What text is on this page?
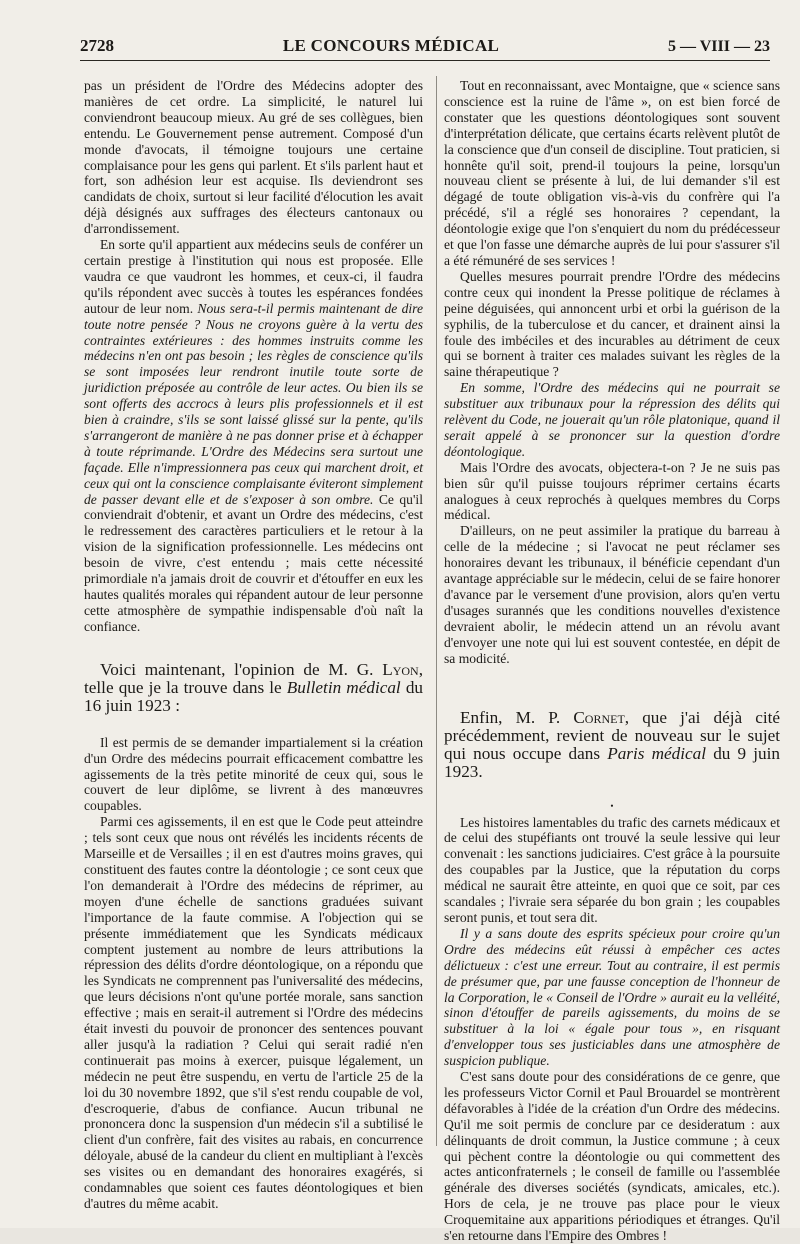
2728	LE CONCOURS MÉDICAL	5 — VIII — 23

pas un président de l'Ordre des Médecins adopter des manières de cet ordre. La simplicité, le naturel lui conviendront beaucoup mieux. Au gré de ses collègues, bien entendu. Le Gouvernement pense autrement. Composé d'un monde d'avocats, il témoigne toujours une certaine complaisance pour les gens qui parlent. Et s'ils parlent haut et fort, son adhésion leur est acquise. Ils deviendront ses candidats de choix, surtout si leur facilité d'élocution les avait déjà désignés aux suffrages des électeurs cantonaux ou d'arrondissement.

En sorte qu'il appartient aux médecins seuls de conférer un certain prestige à l'institution qui nous est proposée. Elle vaudra ce que vaudront les hommes, et ceux-ci, il faudra qu'ils répondent avec succès à toutes les espérances fondées autour de leur nom. Nous sera-t-il permis maintenant de dire toute notre pensée ? Nous ne croyons guère à la vertu des contraintes extérieures : des hommes instruits comme les médecins n'en ont pas besoin ; les règles de conscience qu'ils se sont imposées leur rendront inutile toute sorte de juridiction préposée au contrôle de leur actes. Ou bien ils se sont offerts des accrocs à leurs plis professionnels et il est bien à craindre, s'ils se sont laissé glissé sur la pente, qu'ils s'arrangeront de manière à ne pas donner prise et à échapper à toute réprimande. L'Ordre des Médecins sera surtout une façade. Elle n'impressionnera pas ceux qui marchent droit, et ceux qui ont la conscience complaisante éviteront simplement de passer devant elle et de s'exposer à son ombre. Ce qu'il conviendrait d'obtenir, et avant un Ordre des médecins, c'est le redressement des caractères particuliers et le retour à la vision de la signification professionnelle. Les médecins ont besoin de vivre, c'est entendu ; mais cette nécessité primordiale n'a jamais droit de couvrir et d'étouffer en eux les hautes qualités morales qui répandent autour de leur personne cette atmosphère de sympathie indispensable d'où naît la confiance.

Voici maintenant, l'opinion de M. G. Lyon, telle que je la trouve dans le Bulletin médical du 16 juin 1923 :

Il est permis de se demander impartialement si la création d'un Ordre des médecins pourrait efficacement combattre les agissements de la très petite minorité de ceux qui, sous le couvert de leur diplôme, se livrent à des manœuvres coupables.

Parmi ces agissements, il en est que le Code peut atteindre ; tels sont ceux que nous ont révélés les incidents récents de Marseille et de Versailles ; il en est d'autres moins graves, qui constituent des fautes contre la déontologie ; ce sont ceux que l'on demanderait à l'Ordre des médecins de réprimer, au moyen d'une échelle de sanctions graduées suivant l'importance de la faute commise. A l'objection qui se présente immédiatement que les Syndicats médicaux comptent justement au nombre de leurs attributions la répression des délits d'ordre déontologique, on a répondu que les Syndicats ne comprennent pas l'universalité des médecins, que leurs décisions n'ont qu'une portée morale, sans sanction effective ; mais en serait-il autrement si l'Ordre des médecins était investi du pouvoir de prononcer des sentences pouvant aller jusqu'à la radiation ? Celui qui serait radié n'en continuerait pas moins à exercer, puisque légalement, un médecin ne peut être suspendu, en vertu de l'article 25 de la loi du 30 novembre 1892, que s'il s'est rendu coupable de vol, d'escroquerie, d'abus de confiance. Aucun tribunal ne prononcera donc la suspension d'un médecin s'il a subtilisé le client d'un confrère, fait des visites au rabais, en concurrence déloyale, abusé de la candeur du client en multipliant à l'excès ses visites ou en demandant des honoraires exagérés, si condamnables que soient ces fautes déontologiques et bien d'autres du même acabit.

Tout en reconnaissant, avec Montaigne, que « science sans conscience est la ruine de l'âme », on est bien forcé de constater que les questions déontologiques sont souvent d'interprétation délicate, que certains écarts relèvent plutôt de la conscience que d'un conseil de discipline. Tout praticien, si honnête qu'il soit, prend-il toujours la peine, lorsqu'un nouveau client se présente à lui, de lui demander s'il est dégagé de toute obligation vis-à-vis du confrère qui l'a précédé, s'il a réglé ses honoraires ? cependant, la déontologie exige que l'on s'enquiert du nom du prédécesseur et que l'on fasse une démarche auprès de lui pour s'assurer s'il a été rémunéré de ses services !

Quelles mesures pourrait prendre l'Ordre des médecins contre ceux qui inondent la Presse politique de réclames à peine déguisées, qui annoncent urbi et orbi la guérison de la syphilis, de la tuberculose et du cancer, et drainent ainsi la foule des imbéciles et des incurables au détriment de ceux qui se bornent à traiter ces malades suivant les règles de la saine thérapeutique ?

En somme, l'Ordre des médecins qui ne pourrait se substituer aux tribunaux pour la répression des délits qui relèvent du Code, ne jouerait qu'un rôle platonique, quand il serait appelé à se prononcer sur la question d'ordre déontologique.

Mais l'Ordre des avocats, objectera-t-on ? Je ne suis pas bien sûr qu'il puisse toujours réprimer certains écarts analogues à ceux reprochés à quelques membres du Corps médical.

D'ailleurs, on ne peut assimiler la pratique du barreau à celle de la médecine ; si l'avocat ne peut réclamer ses honoraires devant les tribunaux, il bénéficie cependant d'un avantage appréciable sur le médecin, celui de se faire honorer d'avance par le versement d'une provision, alors qu'en vertu d'usages surannés que les conditions nouvelles d'existence devraient abolir, le médecin attend un an révolu avant d'envoyer une note qui lui est souvent contestée, en dépit de sa modicité.

Enfin, M. P. Cornet, que j'ai déjà cité précédemment, revient de nouveau sur le sujet qui nous occupe dans Paris médical du 9 juin 1923.

•

Les histoires lamentables du trafic des carnets médicaux et de celui des stupéfiants ont trouvé la seule lessive qui leur convenait : les sanctions judiciaires. C'est grâce à la poursuite des coupables par la Justice, que la réputation du corps médical ne saurait être atteinte, en quoi que ce soit, par ces scandales ; l'ivraie sera séparée du bon grain ; les coupables seront punis, et tout sera dit.

Il y a sans doute des esprits spécieux pour croire qu'un Ordre des médecins eût réussi à empêcher ces actes délictueux : c'est une erreur. Tout au contraire, il est permis de présumer que, par une fausse conception de l'honneur de la Corporation, le « Conseil de l'Ordre » aurait eu la velléité, sinon d'étouffer de pareils agissements, du moins de se substituer à la loi « égale pour tous », en risquant d'envelopper tous ses justiciables dans une atmosphère de suspicion publique.

C'est sans doute pour des considérations de ce genre, que les professeurs Victor Cornil et Paul Brouardel se montrèrent défavorables à l'idée de la création d'un Ordre des médecins. Qu'il me soit permis de conclure par ce desideratum : aux délinquants de droit commun, la Justice commune ; à ceux qui pèchent contre la déontologie ou qui commettent des actes anticonfraternels ; le conseil de famille ou l'assemblée générale des diverses sociétés (syndicats, amicales, etc.). Hors de cela, je ne trouve pas place pour le vieux Croquemitaine aux apparitions périodiques et étranges. Qu'il s'en retourne dans l'Empire des Ombres !
